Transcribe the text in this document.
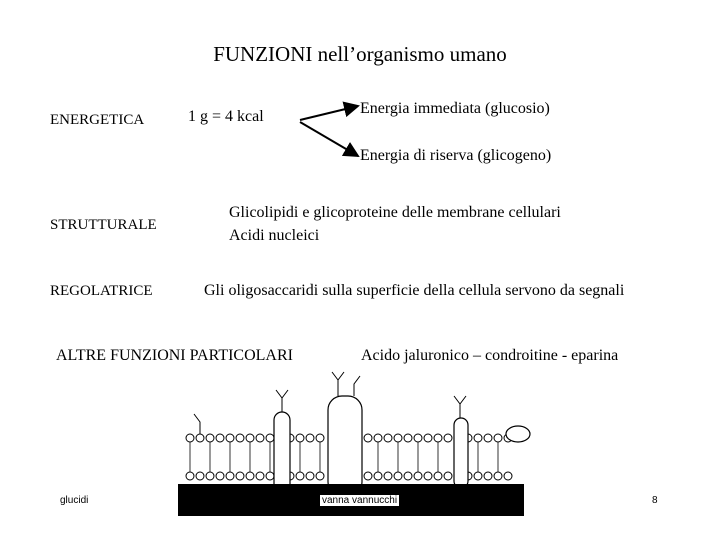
FUNZIONI nell’organismo umano
ENERGETICA	1 g = 4 kcal	Energia immediata (glucosio)
Energia di riserva (glicogeno)
STRUTTURALE
Glicolipidi e glicoproteine delle membrane cellulari
Acidi nucleici
REGOLATRICE	Gli oligosaccaridi sulla superficie della cellula servono da segnali
ALTRE FUNZIONI PARTICOLARI	Acido jaluronico – condroitine - eparina
glucidi	vanna vannucchi	8
